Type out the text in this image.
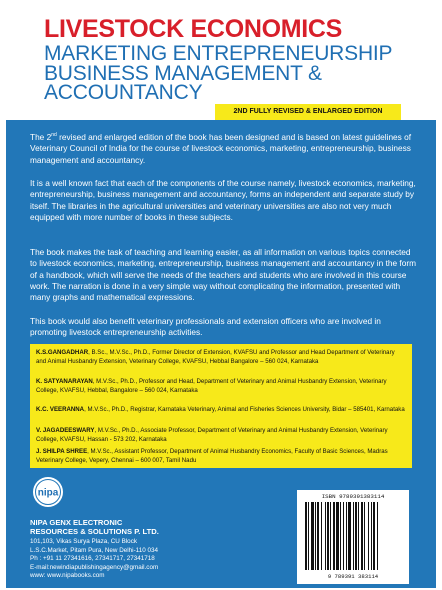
LIVESTOCK ECONOMICS
MARKETING ENTREPRENEURSHIP
BUSINESS MANAGEMENT &
ACCOUNTANCY
2ND FULLY REVISED & ENLARGED EDITION
The 2nd revised and enlarged edition of the book has been designed and is based on latest guidelines of Veterinary Council of India for the course of livestock economics, marketing, entrepreneurship, business management and accountancy.
It is a well known fact that each of the components of the course namely, livestock economics, marketing, entrepreneurship, business management and accountancy, forms an independent and separate study by itself. The libraries in the agricultural universities and veterinary universities are also not very much equipped with more number of books in these subjects.
The book makes the task of teaching and learning easier, as all information on various topics connected to livestock economics, marketing, entrepreneurship, business management and accountancy in the form of a handbook, which will serve the needs of the teachers and students who are involved in this course work. The narration is done in a very simple way without complicating the information, presented with many graphs and mathematical expressions.
This book would also benefit veterinary professionals and extension officers who are involved in promoting livestock entrepreneurship activities.
K.S.GANGADHAR, B.Sc., M.V.Sc., Ph.D., Former Director of Extension, KVAFSU and Professor and Head Department of Veterinary and Animal Husbandry Extension, Veterinary College, KVAFSU, Hebbal Bangalore – 560 024, Karnataka
K. SATYANARAYAN, M.V.Sc., Ph.D., Professor and Head, Department of Veterinary and Animal Husbandry Extension, Veterinary College, KVAFSU, Hebbal, Bangalore – 560 024, Karnataka
K.C. VEERANNA, M.V.Sc., Ph.D., Registrar, Karnataka Veterinary, Animal and Fisheries Sciences University, Bidar – 585401, Karnataka
V. JAGADEESWARY, M.V.Sc., Ph.D., Associate Professor, Department of Veterinary and Animal Husbandry Extension, Veterinary College, KVAFSU, Hassan - 573 202, Karnataka
J. SHILPA SHREE, M.V.Sc., Assistant Professor, Department of Animal Husbandry Economics, Faculty of Basic Sciences, Madras Veterinary College, Vepery, Chennai – 600 007, Tamil Nadu
nipa
NIPA GENX ELECTRONIC
RESOURCES & SOLUTIONS P. LTD.
101,103, Vikas Surya Plaza, CU Block
L.S.C.Market, Pitam Pura, New Delhi-110 034
Ph : +91 11 27341616, 27341717, 27341718
E-mail:newindiapublishingagency@gmail.com
www: www.nipabooks.com
ISBN 9789391383114
9 789391 383114
